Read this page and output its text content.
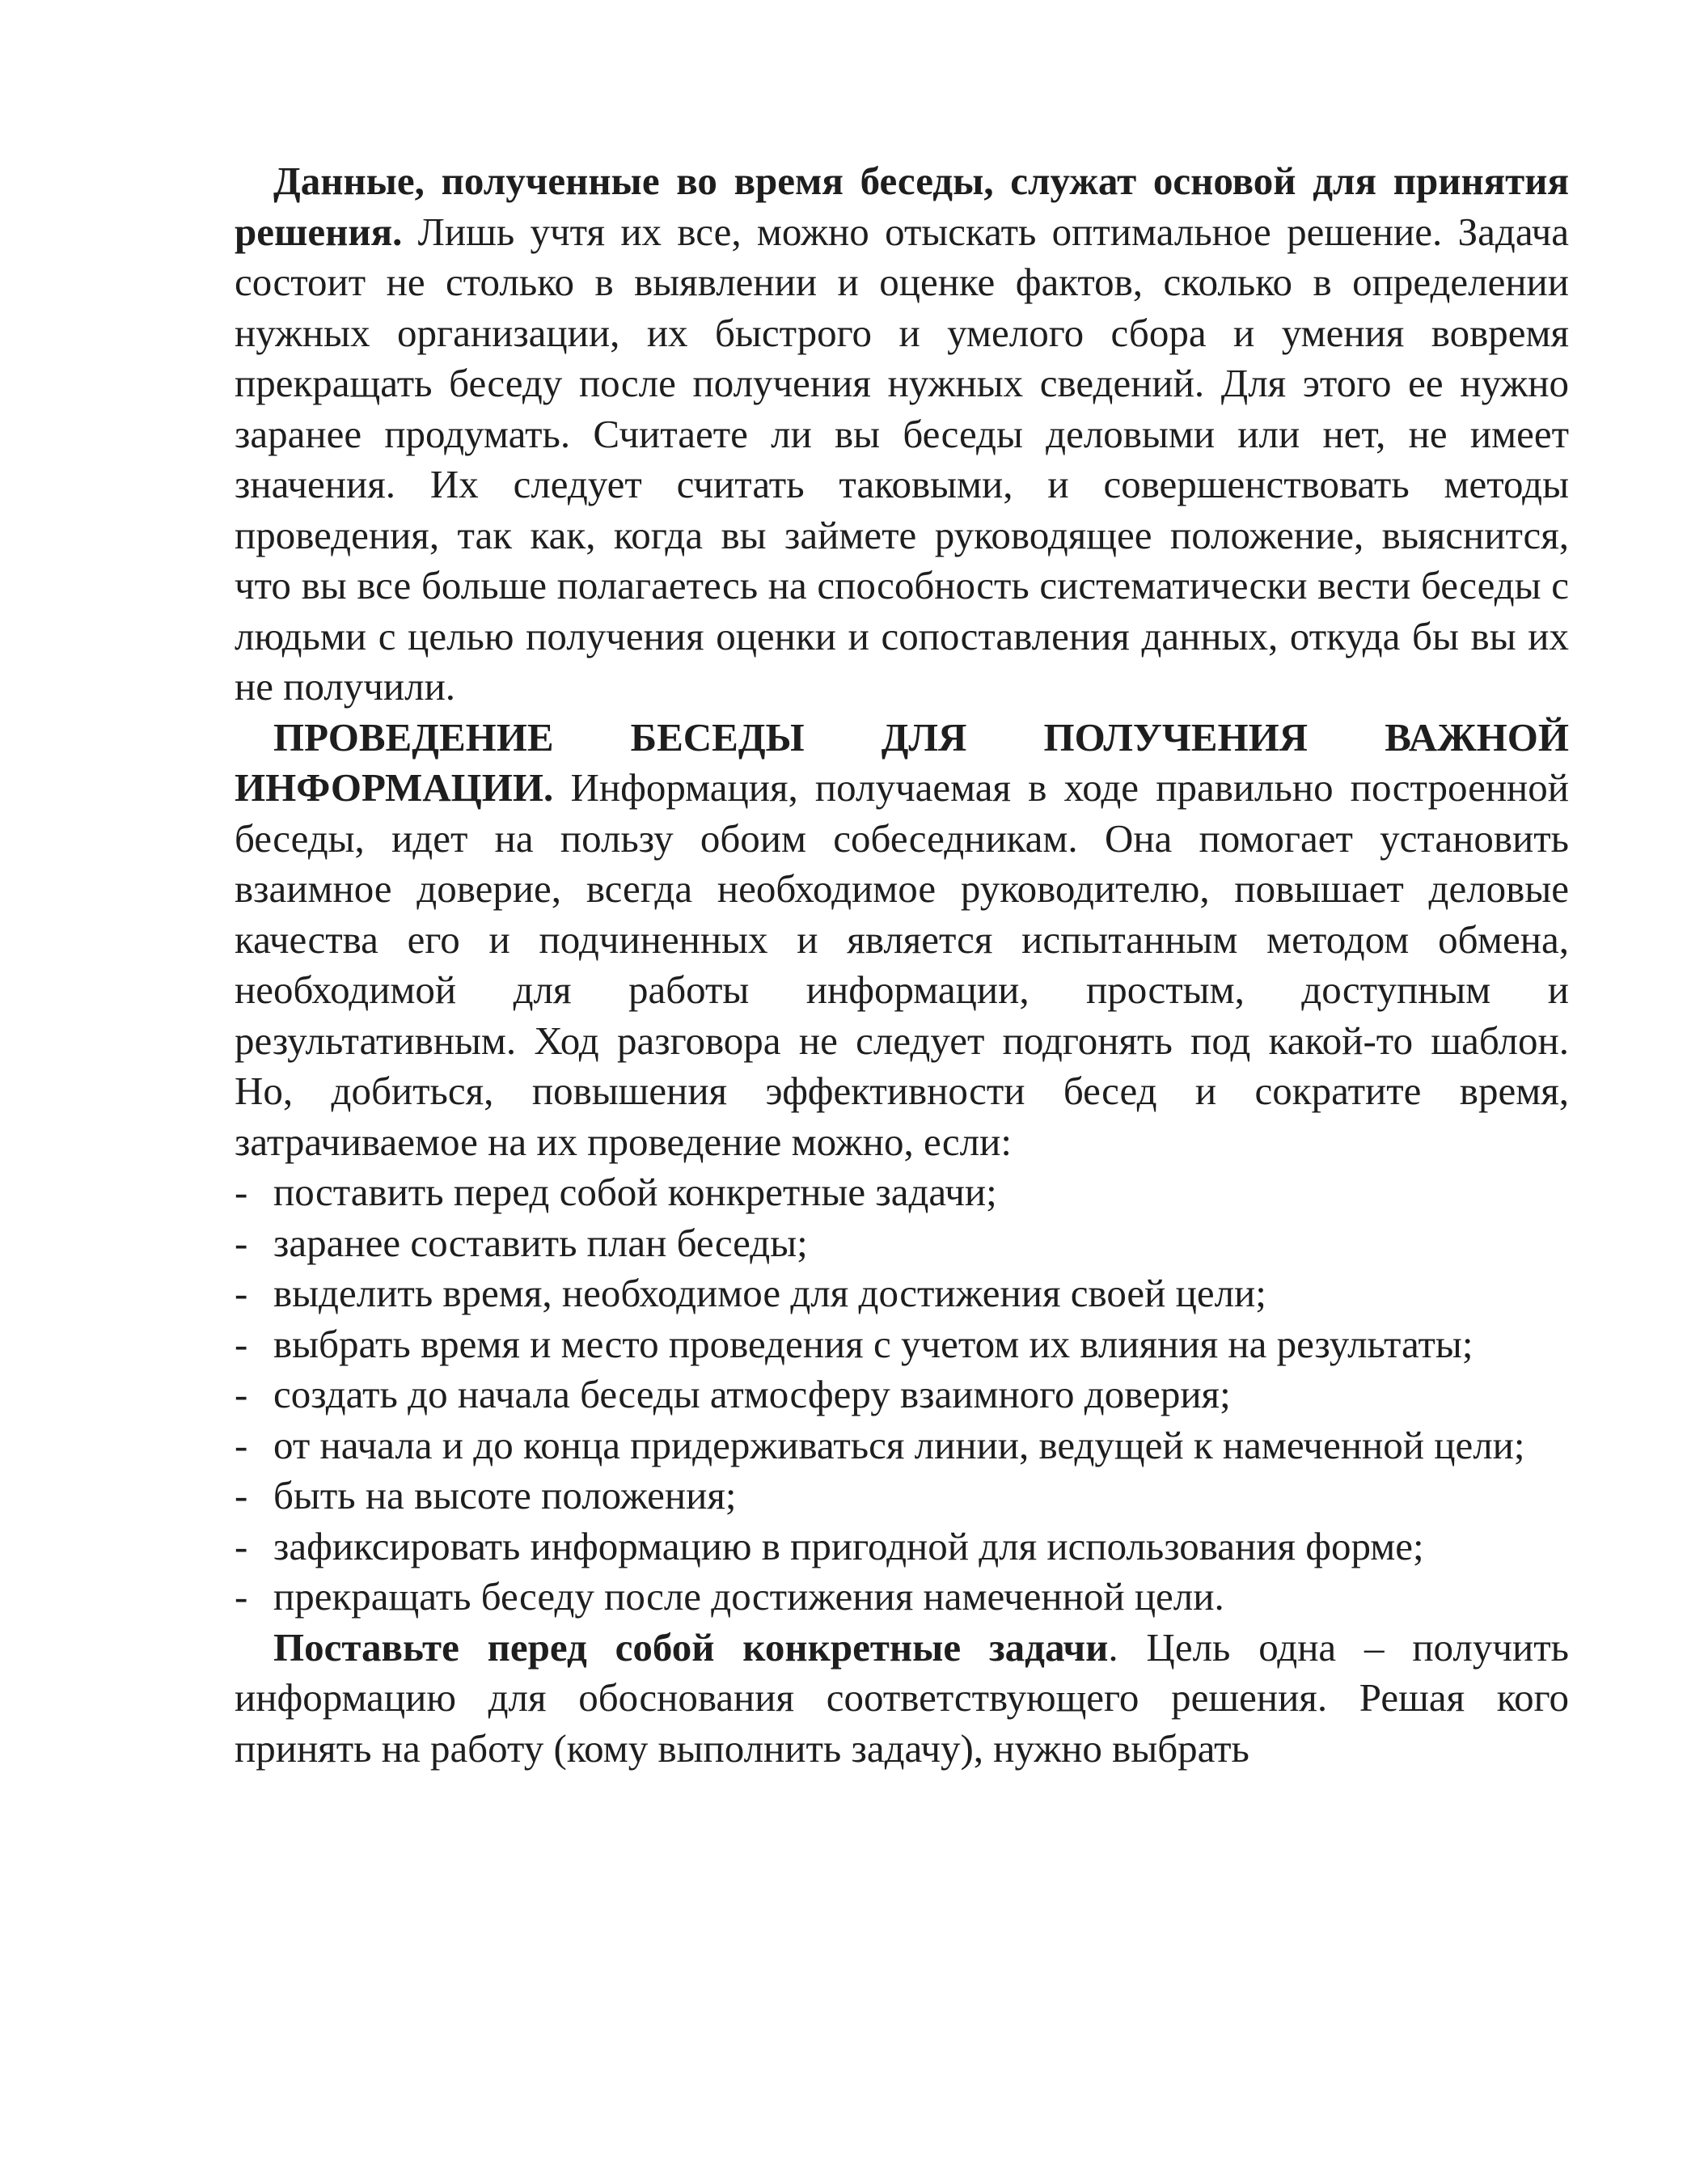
Данные, полученные во время беседы, служат основой для принятия решения. Лишь учтя их все, можно отыскать оптимальное решение. Задача состоит не столько в выявлении и оценке фактов, сколько в определении нужных организации, их быстрого и умелого сбора и умения вовремя прекращать беседу после получения нужных сведений. Для этого ее нужно заранее продумать. Считаете ли вы беседы деловыми или нет, не имеет значения. Их следует считать таковыми, и совершенствовать методы проведения, так как, когда вы займете руководящее положение, выяснится, что вы все больше полагаетесь на способность систематически вести беседы с людьми с целью получения оценки и сопоставления данных, откуда бы вы их не получили.

ПРОВЕДЕНИЕ БЕСЕДЫ ДЛЯ ПОЛУЧЕНИЯ ВАЖНОЙ ИНФОРМАЦИИ. Информация, получаемая в ходе правильно построенной беседы, идет на пользу обоим собеседникам. Она помогает установить взаимное доверие, всегда необходимое руководителю, повышает деловые качества его и подчиненных и является испытанным методом обмена, необходимой для работы информации, простым, доступным и результативным. Ход разговора не следует подгонять под какой-то шаблон. Но, добиться, повышения эффективности бесед и сократите время, затрачиваемое на их проведение можно, если:

- поставить перед собой конкретные задачи;
- заранее составить план беседы;
- выделить время, необходимое для достижения своей цели;
- выбрать время и место проведения с учетом их влияния на результаты;
- создать до начала беседы атмосферу взаимного доверия;
- от начала и до конца придерживаться линии, ведущей к намеченной цели;
- быть на высоте положения;
- зафиксировать информацию в пригодной для использования форме;
- прекращать беседу после достижения намеченной цели.

Поставьте перед собой конкретные задачи. Цель одна – получить информацию для обоснования соответствующего решения. Решая кого принять на работу (кому выполнить задачу), нужно выбрать
